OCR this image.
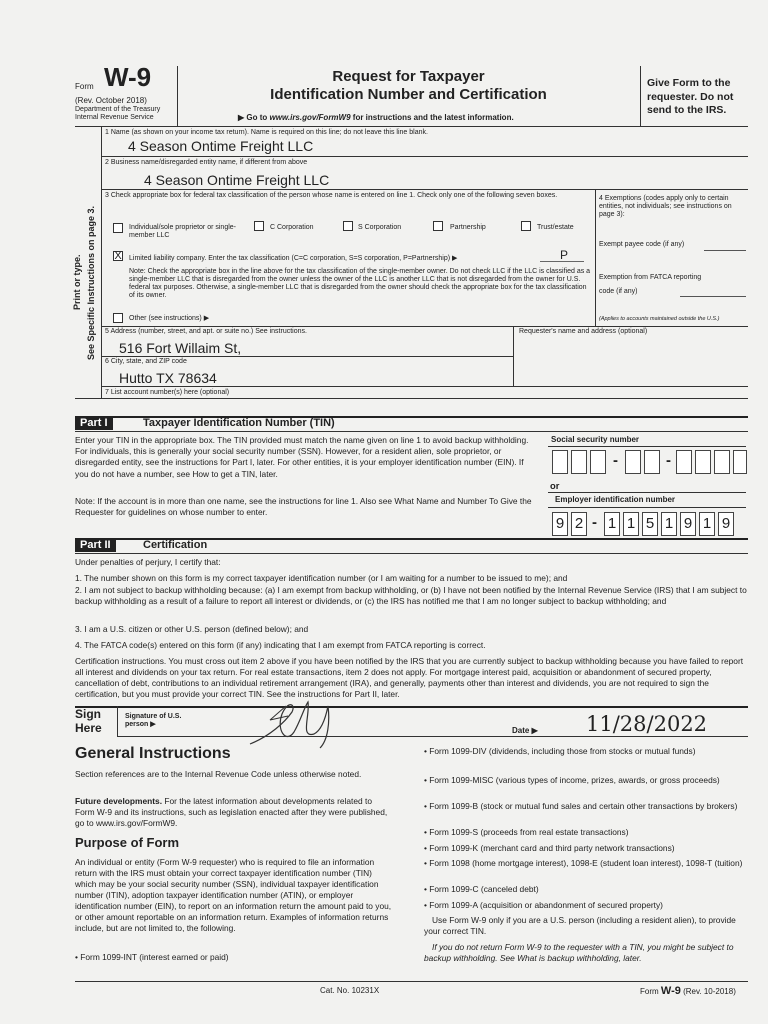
Form W-9
(Rev. October 2018)
Department of the Treasury
Internal Revenue Service
Request for Taxpayer
Identification Number and Certification
▶ Go to www.irs.gov/FormW9 for instructions and the latest information.
Give Form to the requester. Do not send to the IRS.
Print or type. See Specific Instructions on page 3.
1 Name (as shown on your income tax return). Name is required on this line; do not leave this line blank.
4 Season Ontime Freight LLC
2 Business name/disregarded entity name, if different from above
4 Season Ontime Freight LLC
3 Check appropriate box for federal tax classification of the person whose name is entered on line 1. Check only one of the following seven boxes.
Individual/sole proprietor or single-member LLC
C Corporation	S Corporation	Partnership	Trust/estate
X Limited liability company. Enter the tax classification (C=C corporation, S=S corporation, P=Partnership) ▶	P
Note: Check the appropriate box in the line above for the tax classification of the single-member owner. Do not check LLC if the LLC is classified as a single-member LLC that is disregarded from the owner unless the owner of the LLC is another LLC that is not disregarded from the owner for U.S. federal tax purposes. Otherwise, a single-member LLC that is disregarded from the owner should check the appropriate box for the tax classification of its owner.
Other (see instructions) ▶
4 Exemptions (codes apply only to certain entities, not individuals; see instructions on page 3):
Exempt payee code (if any)
Exemption from FATCA reporting code (if any)
(Applies to accounts maintained outside the U.S.)
5 Address (number, street, and apt. or suite no.) See instructions.
516 Fort Willaim St,
Requester's name and address (optional)
6 City, state, and ZIP code
Hutto TX 78634
7 List account number(s) here (optional)
Part I	Taxpayer Identification Number (TIN)
Enter your TIN in the appropriate box. The TIN provided must match the name given on line 1 to avoid backup withholding. For individuals, this is generally your social security number (SSN). However, for a resident alien, sole proprietor, or disregarded entity, see the instructions for Part I, later. For other entities, it is your employer identification number (EIN). If you do not have a number, see How to get a TIN, later.
Note: If the account is in more than one name, see the instructions for line 1. Also see What Name and Number To Give the Requester for guidelines on whose number to enter.
Social security number
-	-
or
Employer identification number
9 2 - 1 1 5 1 9 1 9
Part II	Certification
Under penalties of perjury, I certify that:
1. The number shown on this form is my correct taxpayer identification number (or I am waiting for a number to be issued to me); and
2. I am not subject to backup withholding because: (a) I am exempt from backup withholding, or (b) I have not been notified by the Internal Revenue Service (IRS) that I am subject to backup withholding as a result of a failure to report all interest or dividends, or (c) the IRS has notified me that I am no longer subject to backup withholding; and
3. I am a U.S. citizen or other U.S. person (defined below); and
4. The FATCA code(s) entered on this form (if any) indicating that I am exempt from FATCA reporting is correct.
Certification instructions. You must cross out item 2 above if you have been notified by the IRS that you are currently subject to backup withholding because you have failed to report all interest and dividends on your tax return. For real estate transactions, item 2 does not apply. For mortgage interest paid, acquisition or abandonment of secured property, cancellation of debt, contributions to an individual retirement arrangement (IRA), and generally, payments other than interest and dividends, you are not required to sign the certification, but you must provide your correct TIN. See the instructions for Part II, later.
Sign Here
Signature of U.S. person ▶
Date ▶ 11/28/2022
General Instructions
Section references are to the Internal Revenue Code unless otherwise noted.
Future developments. For the latest information about developments related to Form W-9 and its instructions, such as legislation enacted after they were published, go to www.irs.gov/FormW9.
Purpose of Form
An individual or entity (Form W-9 requester) who is required to file an information return with the IRS must obtain your correct taxpayer identification number (TIN) which may be your social security number (SSN), individual taxpayer identification number (ITIN), adoption taxpayer identification number (ATIN), or employer identification number (EIN), to report on an information return the amount paid to you, or other amount reportable on an information return. Examples of information returns include, but are not limited to, the following.
• Form 1099-INT (interest earned or paid)
• Form 1099-DIV (dividends, including those from stocks or mutual funds)
• Form 1099-MISC (various types of income, prizes, awards, or gross proceeds)
• Form 1099-B (stock or mutual fund sales and certain other transactions by brokers)
• Form 1099-S (proceeds from real estate transactions)
• Form 1099-K (merchant card and third party network transactions)
• Form 1098 (home mortgage interest), 1098-E (student loan interest), 1098-T (tuition)
• Form 1099-C (canceled debt)
• Form 1099-A (acquisition or abandonment of secured property)
Use Form W-9 only if you are a U.S. person (including a resident alien), to provide your correct TIN.
If you do not return Form W-9 to the requester with a TIN, you might be subject to backup withholding. See What is backup withholding, later.
Cat. No. 10231X	Form W-9 (Rev. 10-2018)
